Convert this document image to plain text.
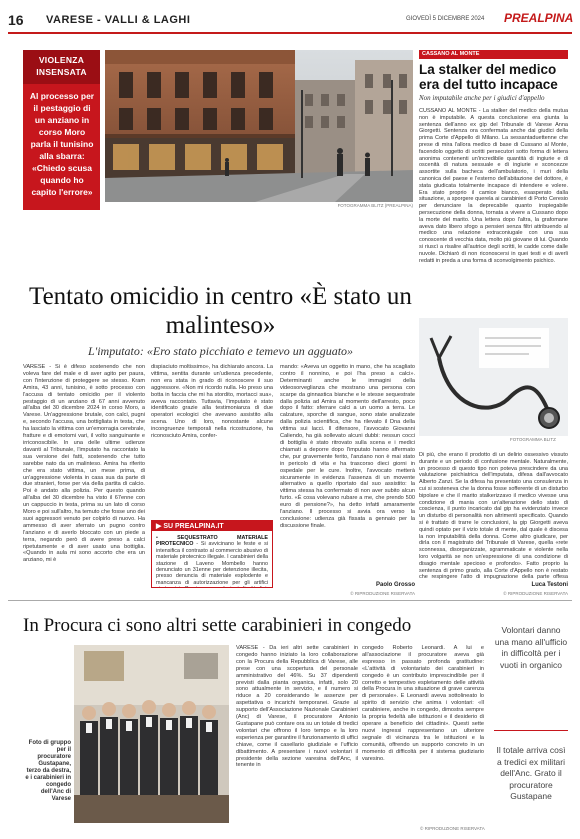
16 VARESE - VALLI & LAGHI	GIOVEDÌ 5 DICEMBRE 2024 PREALPINA
VIOLENZA INSENSATA
Al processo per il pestaggio di un anziano in corso Moro parla il tunisino alla sbarra: «Chiedo scusa quando ho capito l'errore»
FOTOGRAMMA BLITZ (PREALPINA)
CASSANO AL MONTE
La stalker del medico era del tutto incapace
Non imputabile anche per i giudici d'appello
CUSSANO AL MONTE - La stalker del medico della mutua non è imputabile. A questa conclusione era giunta la sentenza dell'anno ex gip del Tribunale di Varese Anna Giorgetti. Sentenza ora confermata anche dai giudici della prima Corte d'Appello di Milano. La sessantaduettenne che prese di mira l'allora medico di base di Cussano al Monte, facendolo oggetto di scritti persecutori sotto forma di lettera anonima contenenti un'incredibile quantità di ingiurie e di oscenità di natura sessuale e di ingiurie e sconcezze assortite sulla bacheca dell'ambulatorio, i muri della canonica del paese e l'esterno dell'abitazione del dottore, è stata giudicata totalmente incapace di intendere e volere. Era stato proprio il camice bianco, esasperato dalla situazione, a sporgere querela ai carabinieri di Porto Ceresio per denunciare la deprecabile quanto inspiegabile persecuzione della donna, tornata a vivere a Cussano dopo la morte del marito. Una lettera dopo l'altra, la grafomane aveva dato libero sfogo a pensieri senza filtri attribuendo al medico una relazione extraconiugale con una sua conoscente di vecchia data, molto più giovane di lui. Quando si riuscì a risalire all'autrice degli scritti, le cadde come dalle nuvole. Dichiarò di non riconoscersi in quei testi e di averli redatti in preda a una forma di sconvolgimento psichico.
FOTOGRAMMA BLITZ
Di più, che erano il prodotto di un delirio ossessivo vissuto durante e un periodo di confusione mentale. Naturalmente, un processo di questo tipo non poteva prescindere da una valutazione psichiatrica dell'imputata, difesa dall'avvocato Alberto Zanzi. Se la difesa ha presentato una consulenza in cui si sosteneva che la donna fosse sofferente di un disturbo bipolare e che il marito stalkerizzavo il medico vivesse una condizione di mania con un'alterazione dello stato di coscienza, il punto incaricato dal gip ha evidenziato invece un disturbo di personalità non altrimenti specificato. Quando si è trattato di trarre le conclusioni, la gip Giorgetti aveva quindi optato per il vizio totale di mente, dal quale è discesa la non imputabilità della donna. Come altro giudicare, per dirla con il magistrato del Tribunale di Varese, quella «rete sconnessa, disorganizzate, sgrammaticate e violente nella loro volgarità se non un'espressione di una condizione di disagio mentale specioso e profondo». Fatto proprio la sentenza di primo grado, alla Corte d'Appello non è restato che respingere l'atto di impugnazione della parte offesa
Luca Testoni
© RIPRODUZIONE RISERVATA
Tentato omicidio in centro «È stato un malinteso»
L'imputato: «Ero stato picchiato e temevo un agguato»
VARESE - Si è difeso sostenendo che non voleva fare del male e di aver agito per paura, con l'intenzione di proteggere se stesso. Kram Amira, 43 anni, tunisino, è sotto processo con l'accusa di tentato omicidio per il violento pestaggio di un anziano di 67 anni avvenuto all'alba del 30 dicembre 2024 in corso Moro, a Varese. Un'aggressione brutale, con calci, pugni e, secondo l'accusa, una bottigliata in testa, che ha lasciato la vittima con un'emorragia cerebrale, fratture e di emotomi vari, il volto sanguinante e irriconoscibile. In una delle ultime udienze davanti al Tribunale, l'imputato ha raccontato la sua versione dei fatti, sostenendo che tutto sarebbe nato da un malinteso. Amira ha riferito che era stato vittima, un mese prima, di un'aggressione violenta in casa sua da parte di due stranieri, forse per via della partita di calcio. Poi è andato alla polizia. Per questo quando all'alba del 30 dicembre ha visto il 67enne con un cappuccio in testa, prima su un lato di corso Moro e poi sull'altro, ha temuto che fosse uno dei suoi aggressori venuto per colpirlo di nuovo. Ha ammesso di aver sferrato un pugno contro l'anziano e di averlo bloccato con un piede a terra, negando però di avere preso a calci ripetutamente e di aver usato una bottiglia. «Quando in aula mi sono accorto che era un anziano, mi è
dispiaciuto moltissimo», ha dichiarato ancora. La vittima, sentita durante un'udienza precedente, non era stata in grado di riconoscere il suo aggressore. «Non mi ricordo nulla. Ho preso una botta in faccia che mi ha stordito, mortacci sua», aveva raccontato. Tuttavia, l'imputato è stato identificato grazie alla testimonianza di due operatori ecologici che avevano assistito alla scena. Uno di loro, nonostante alcune incongruenze temporali nella ricostruzione, ha riconosciuto Amira, confer-
mando: «Aveva un oggetto in mano, che ha scagliato contro il nonnino, e poi l'ha preso a calci». Determinanti anche le immagini della videosorveglianza che mostrano una persona con scarpe da ginnastica bianche e le stesse sequestrate dalla polizia ad Amira al momento dell'arresto, poco dopo il fatto: sferrare calci a un uomo a terra. Le calzature, sporche di sangue, sono state analizzate dalla polizia scientifica, che ha rilevato il Dna della vittima sui lacci. Il difensore, l'avvocato Giovanni Caliendo, ha già sollevato alcuni dubbi: nessun cocci di bottiglia è stato ritrovato sulla scena e i medici chiamati a deporre dopo l'imputato hanno affermato che, pur gravemente ferito, l'anziano non è mai stato in pericolo di vita e ha trascorso dieci giorni in ospedale per le cure. Inoltre, l'avvocato metterà sicuramente in evidenza l'assenza di un movente alternativo a quello riportato dal suo assistito: la vittima stessa ha confermato di non aver subito alcun furto. «È cosa volevano rubare a me, che prendo 500 euro di pensione?», ha detto infatti amaramente l'anziano. Il processo si avvia ora verso la conclusione: udienza già fissata a gennaio per la discussione finale.
▶ SU PREALPINA.IT
• SEQUESTRATO MATERIALE PIROTECNICO - Si avvicinano le feste e si intensifica il contrasto al commercio abusivo di materiale pirotecnico illegale. I carabinieri della stazione di Laveno Mombello hanno denunciato un 31enne per detenzione illecita, presso denuncia di materiale esplodente e mancanza di autorizzazione per gli artifici	Paolo Grosso
© RIPRODUZIONE RISERVATA
In Procura ci sono altri sette carabinieri in congedo
Foto di gruppo per il procuratore Gustapane, terzo da destra, e i carabinieri in congedo dell'Anc di Varese
VARESE - Da ieri altri sette carabinieri in congedo hanno iniziato la loro collaborazione con la Procura della Repubblica di Varese, alle prese con una scopertura del personale amministrativo del 46%. Su 37 dipendenti previsti dalla pianta organica, infatti, solo 20 sono attualmente in servizio, e il numero si riduce a 20 considerando le assenze per aspettativa o incarichi temporanei. Grazie al supporto dell'Associazione Nazionale Carabinieri (Anc) di Varese, il procuratore Antonio Gustapane può contare ora su un totale di tredici volontari che offrono il loro tempo e la loro esperienza per garantire il funzionamento di uffici chiave, come il casellario giudiziale e l'ufficio dibattimento. A presentare i nuovi volontari il presidente della sezione varesina dell'Anc, il tenente in
congedo Roberto Leonardi. A lui e all'associazione il procuratore aveva già espresso in passato profonda gratitudine: «L'attività di volontariato dei carabinieri in congedo è un contributo imprescindibile per il corretto e tempestivo espletamento delle attività della Procura in una situazione di grave carenza di personale». E Leonardi aveva sottolineato lo spirito di servizio che anima i volontari: «Il carabiniere, anche in congedo, dimostra sempre la propria fedeltà alle istituzioni e il desiderio di operare a beneficio dei cittadini». Questi sette nuovi ingressi rappresentano un ulteriore segnale di vicinanza tra le istituzioni e la comunità, offrendo un supporto concreto in un momento di difficoltà per il sistema giudiziario varesino.
© RIPRODUZIONE RISERVATA
Volontari danno una mano all'ufficio in difficoltà per i vuoti in organico
Il totale arriva così a tredici ex militari dell'Anc. Grato il procuratore Gustapane
